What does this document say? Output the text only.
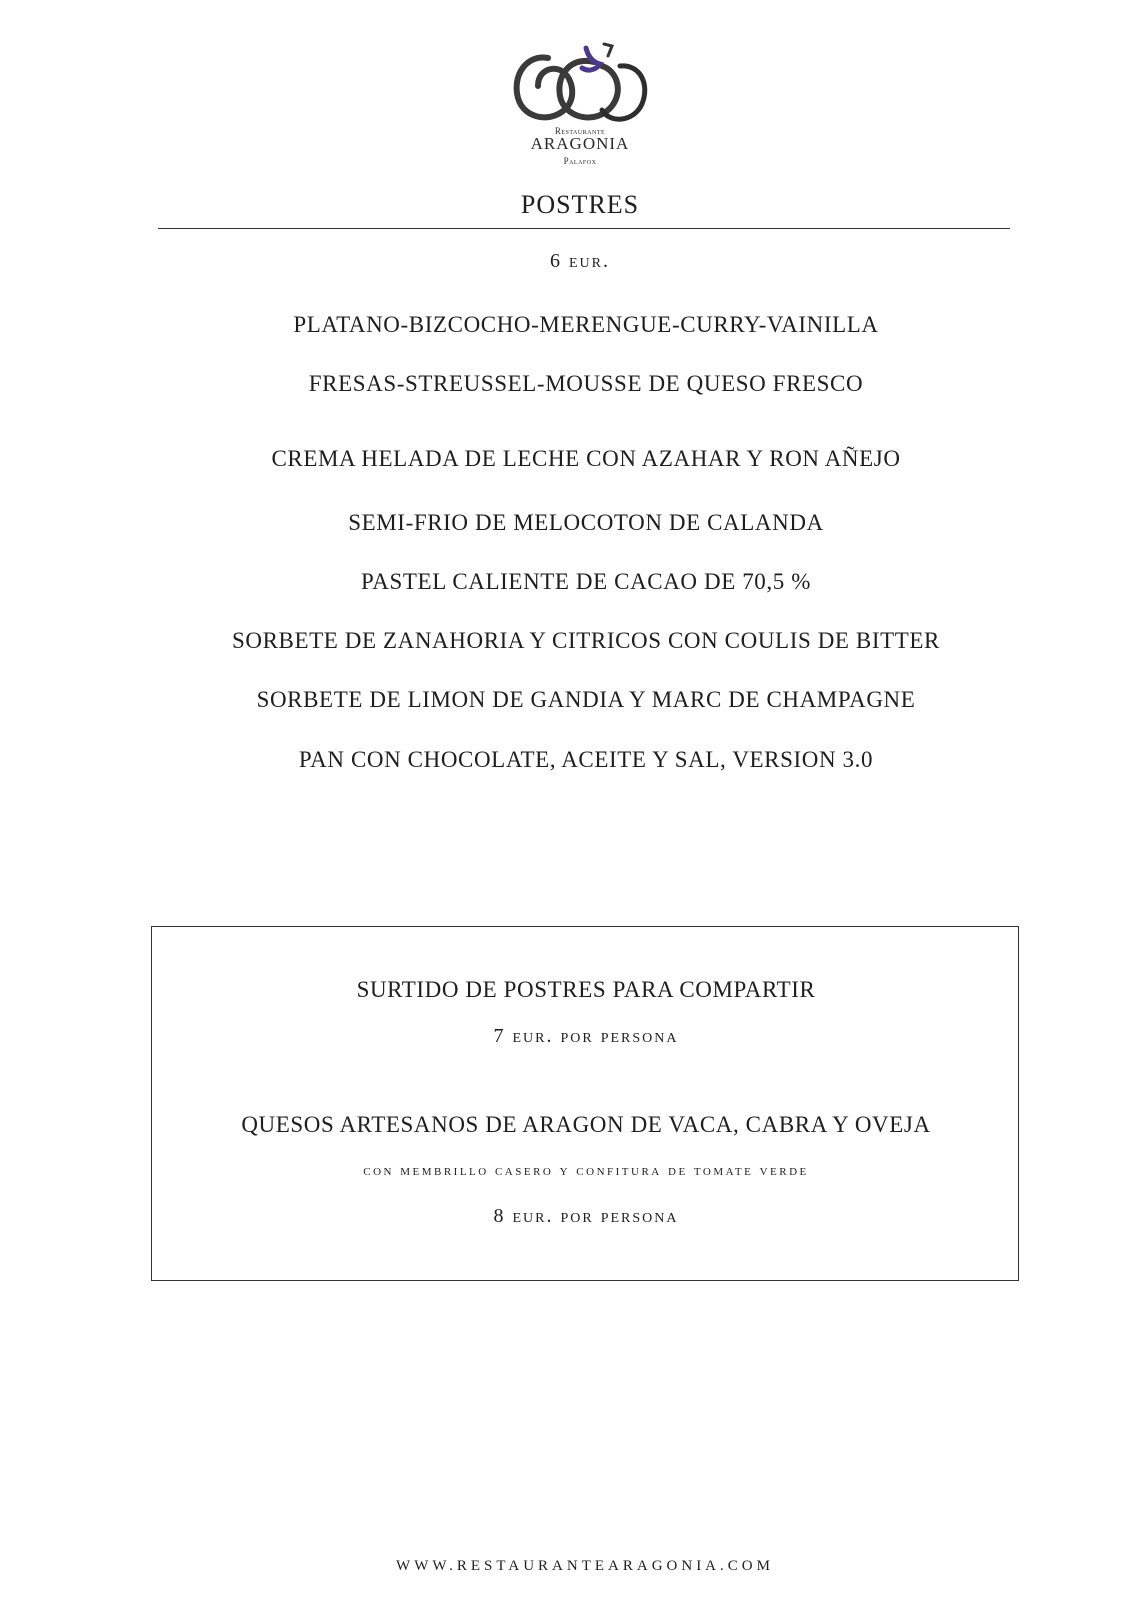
Restaurante
ARAGONIA
Palafox
POSTRES
6 eur.
PLATANO-BIZCOCHO-MERENGUE-CURRY-VAINILLA
FRESAS-STREUSSEL-MOUSSE DE QUESO FRESCO
CREMA HELADA DE LECHE CON AZAHAR Y RON AÑEJO
SEMI-FRIO DE MELOCOTON DE CALANDA
PASTEL CALIENTE DE CACAO DE 70,5 %
SORBETE DE ZANAHORIA Y CITRICOS CON COULIS DE BITTER
SORBETE DE LIMON DE GANDIA Y MARC DE CHAMPAGNE
PAN CON CHOCOLATE, ACEITE Y SAL, VERSION 3.0
SURTIDO DE POSTRES PARA COMPARTIR
7 eur. por persona
QUESOS ARTESANOS DE ARAGON DE VACA, CABRA Y OVEJA
con membrillo casero y confitura de tomate verde
8 eur. por persona
WWW.RESTAURANTEARAGONIA.COM
